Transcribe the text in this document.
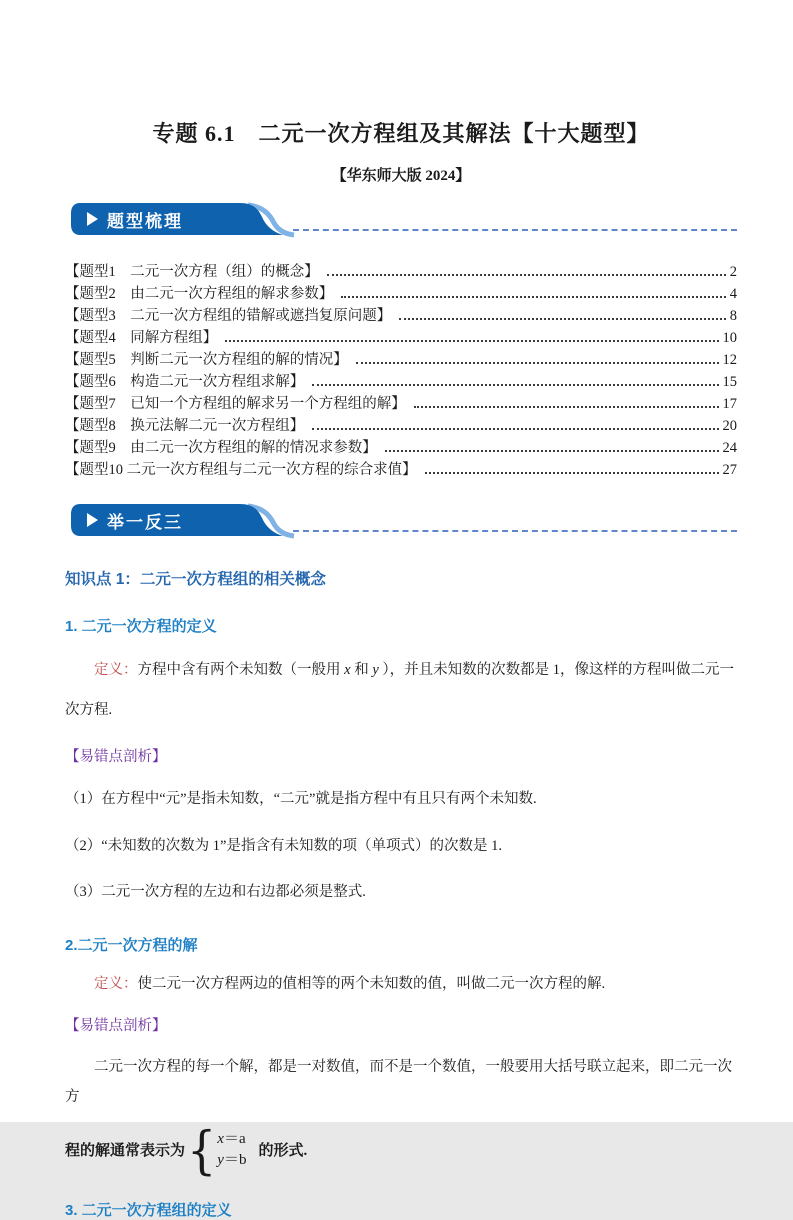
专题 6.1　二元一次方程组及其解法【十大题型】
【华东师大版 2024】
题型梳理
【题型1　二元一次方程（组）的概念】	2
【题型2　由二元一次方程组的解求参数】	4
【题型3　二元一次方程组的错解或遮挡复原问题】	8
【题型4　同解方程组】	10
【题型5　判断二元一次方程组的解的情况】	12
【题型6　构造二元一次方程组求解】	15
【题型7　已知一个方程组的解求另一个方程组的解】	17
【题型8　换元法解二元一次方程组】	20
【题型9　由二元一次方程组的解的情况求参数】	24
【题型10 二元一次方程组与二元一次方程的综合求值】	27
举一反三
知识点 1：二元一次方程组的相关概念
1. 二元一次方程的定义

定义：方程中含有两个未知数（一般用 x 和 y ），并且未知数的次数都是 1，像这样的方程叫做二元一次方程.

【易错点剖析】

（1）在方程中“元”是指未知数，“二元”就是指方程中有且只有两个未知数.

（2）“未知数的次数为 1”是指含有未知数的项（单项式）的次数是 1.

（3）二元一次方程的左边和右边都必须是整式.

2.二元一次方程的解

定义：使二元一次方程两边的值相等的两个未知数的值，叫做二元一次方程的解.

【易错点剖析】

二元一次方程的每一个解，都是一对数值，而不是一个数值，一般要用大括号联立起来，即二元一次方

程的解通常表示为 { x＝a
y＝b
的形式.
3. 二元一次方程组的定义
